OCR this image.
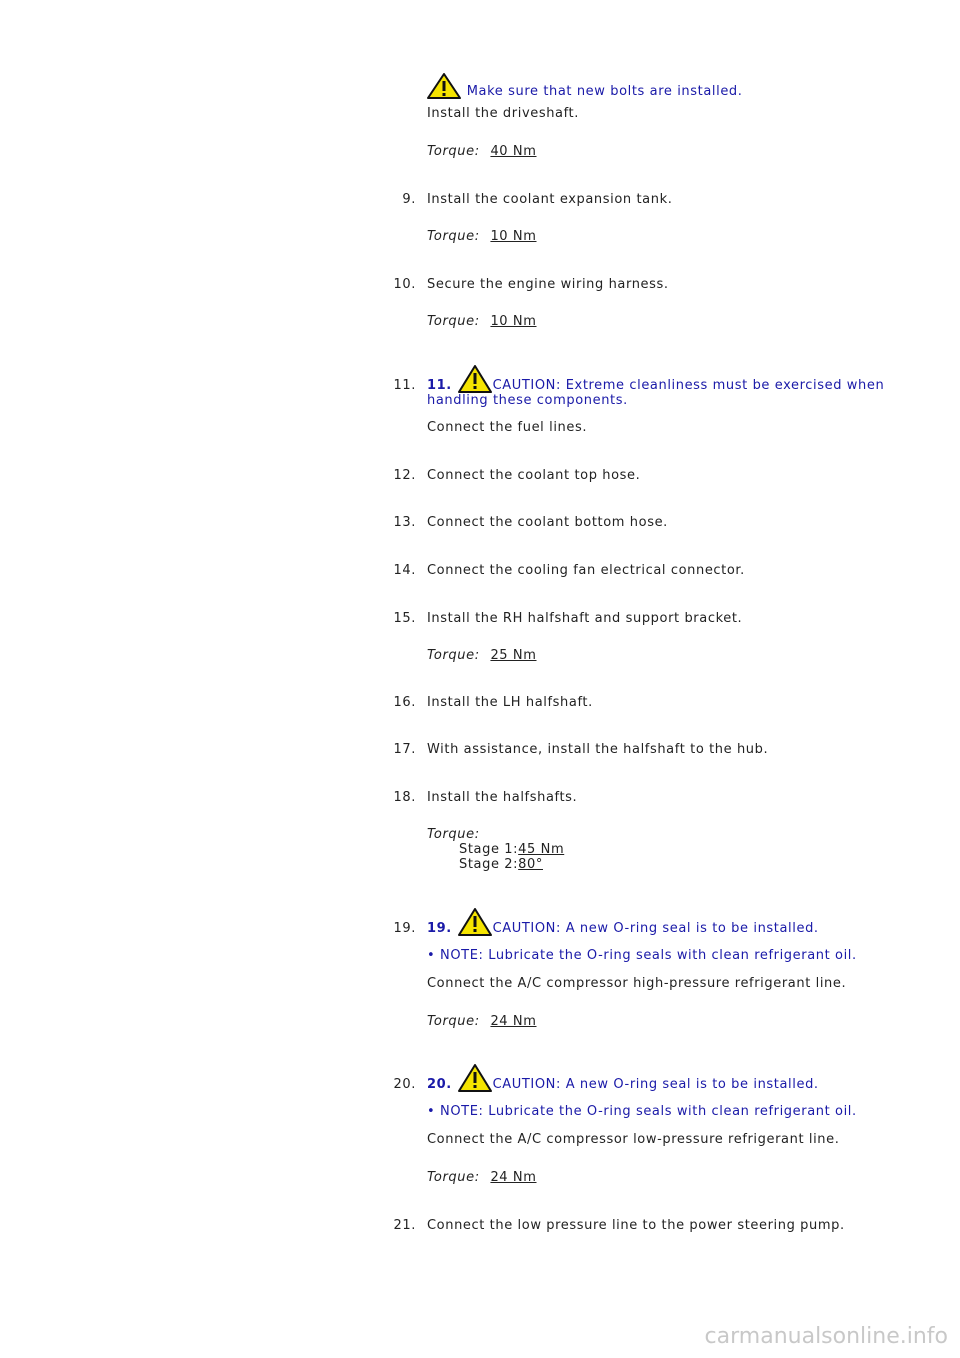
Make sure that new bolts are installed.
Install the driveshaft.
Torque: 40 Nm
9. Install the coolant expansion tank.
Torque: 10 Nm
10. Secure the engine wiring harness.
Torque: 10 Nm
11. 11.	CAUTION: Extreme cleanliness must be exercised when
handling these components.
Connect the fuel lines.
12. Connect the coolant top hose.
13. Connect the coolant bottom hose.
14. Connect the cooling fan electrical connector.
15. Install the RH halfshaft and support bracket.
Torque: 25 Nm
16. Install the LH halfshaft.
17. With assistance, install the halfshaft to the hub.
18. Install the halfshafts.
Torque:
Stage 1:45 Nm
Stage 2:80°
19. 19.	CAUTION: A new O-ring seal is to be installed.
• NOTE: Lubricate the O-ring seals with clean refrigerant oil.
Connect the A/C compressor high-pressure refrigerant line.
Torque: 24 Nm
20. 20.	CAUTION: A new O-ring seal is to be installed.
• NOTE: Lubricate the O-ring seals with clean refrigerant oil.
Connect the A/C compressor low-pressure refrigerant line.
Torque: 24 Nm
21. Connect the low pressure line to the power steering pump.
carmanualsonline.info
